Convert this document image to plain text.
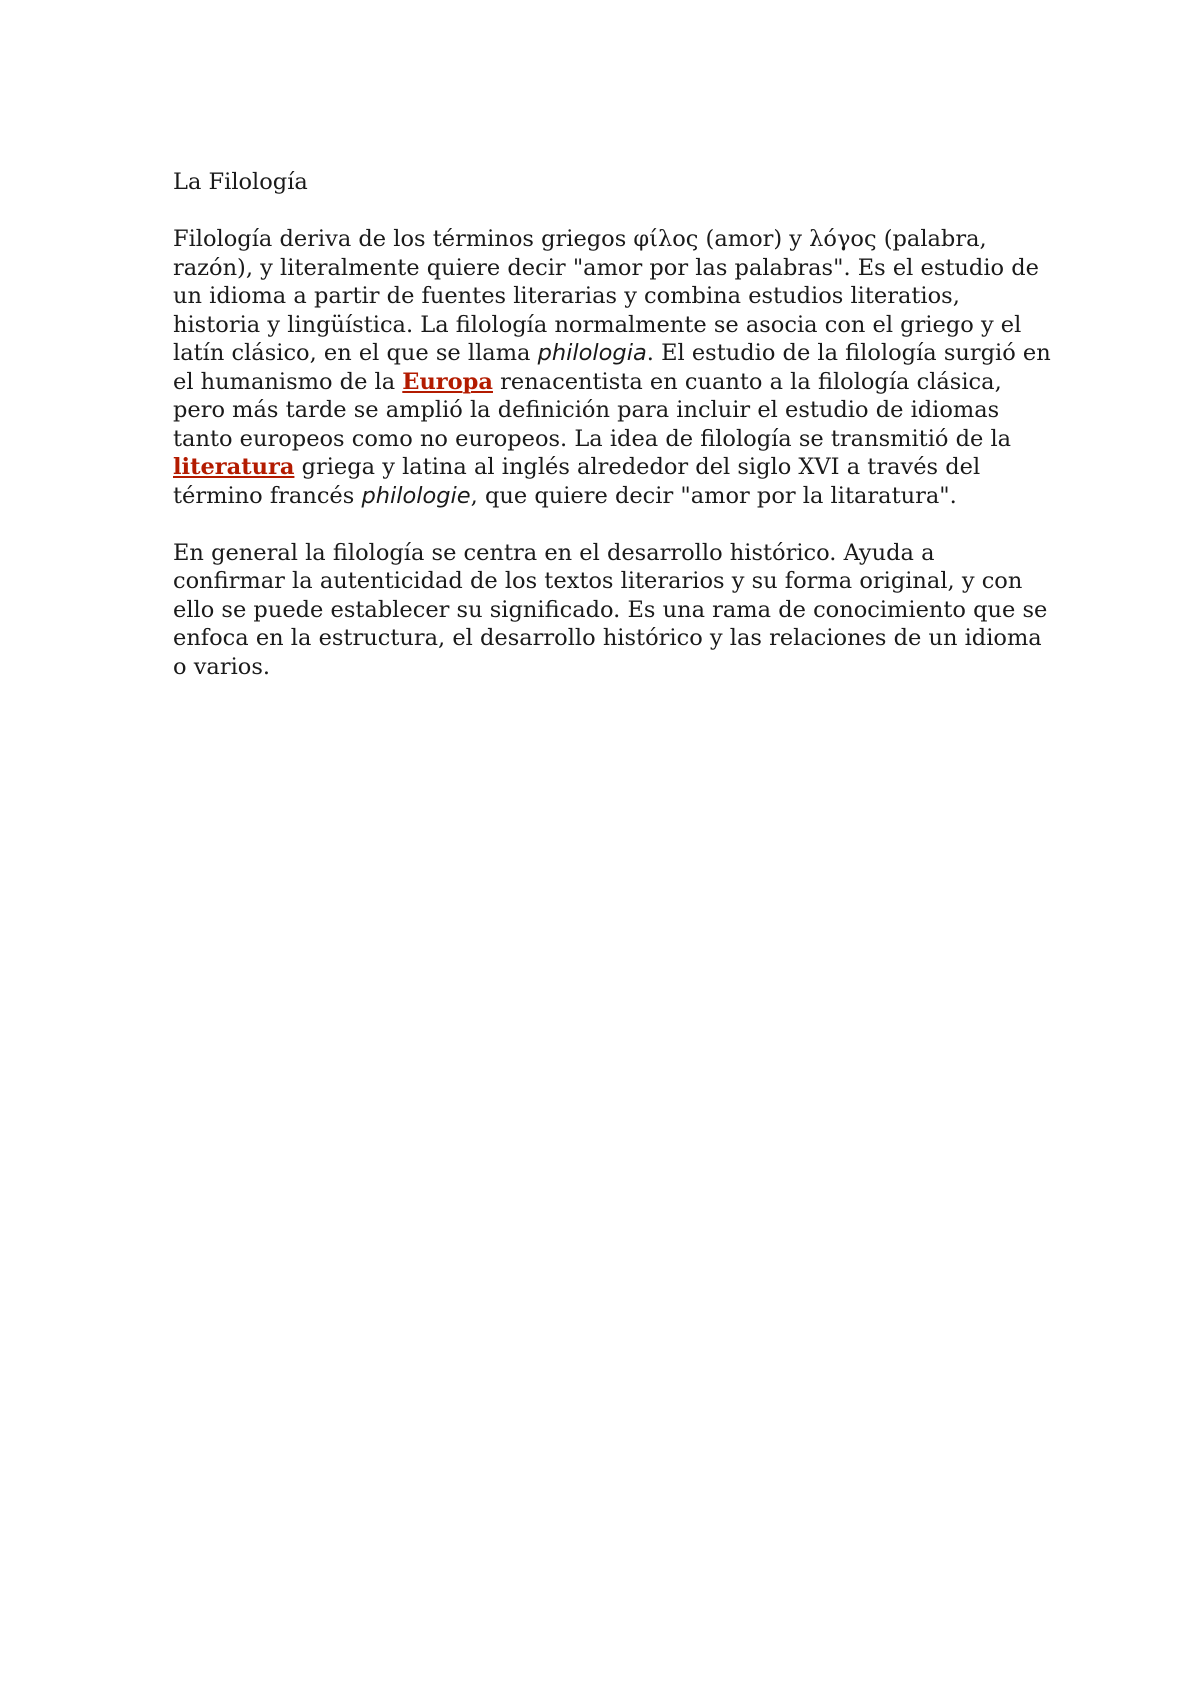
La Filología

Filología deriva de los términos griegos φίλος (amor) y λόγος (palabra, razón), y literalmente quiere decir "amor por las palabras". Es el estudio de un idioma a partir de fuentes literarias y combina estudios literatios, historia y lingüística. La filología normalmente se asocia con el griego y el latín clásico, en el que se llama philologia. El estudio de la filología surgió en el humanismo de la Europa renacentista en cuanto a la filología clásica, pero más tarde se amplió la definición para incluir el estudio de idiomas tanto europeos como no europeos. La idea de filología se transmitió de la literatura griega y latina al inglés alrededor del siglo XVI a través del término francés philologie, que quiere decir "amor por la litaratura".

En general la filología se centra en el desarrollo histórico. Ayuda a confirmar la autenticidad de los textos literarios y su forma original, y con ello se puede establecer su significado. Es una rama de conocimiento que se enfoca en la estructura, el desarrollo histórico y las relaciones de un idioma o varios.
